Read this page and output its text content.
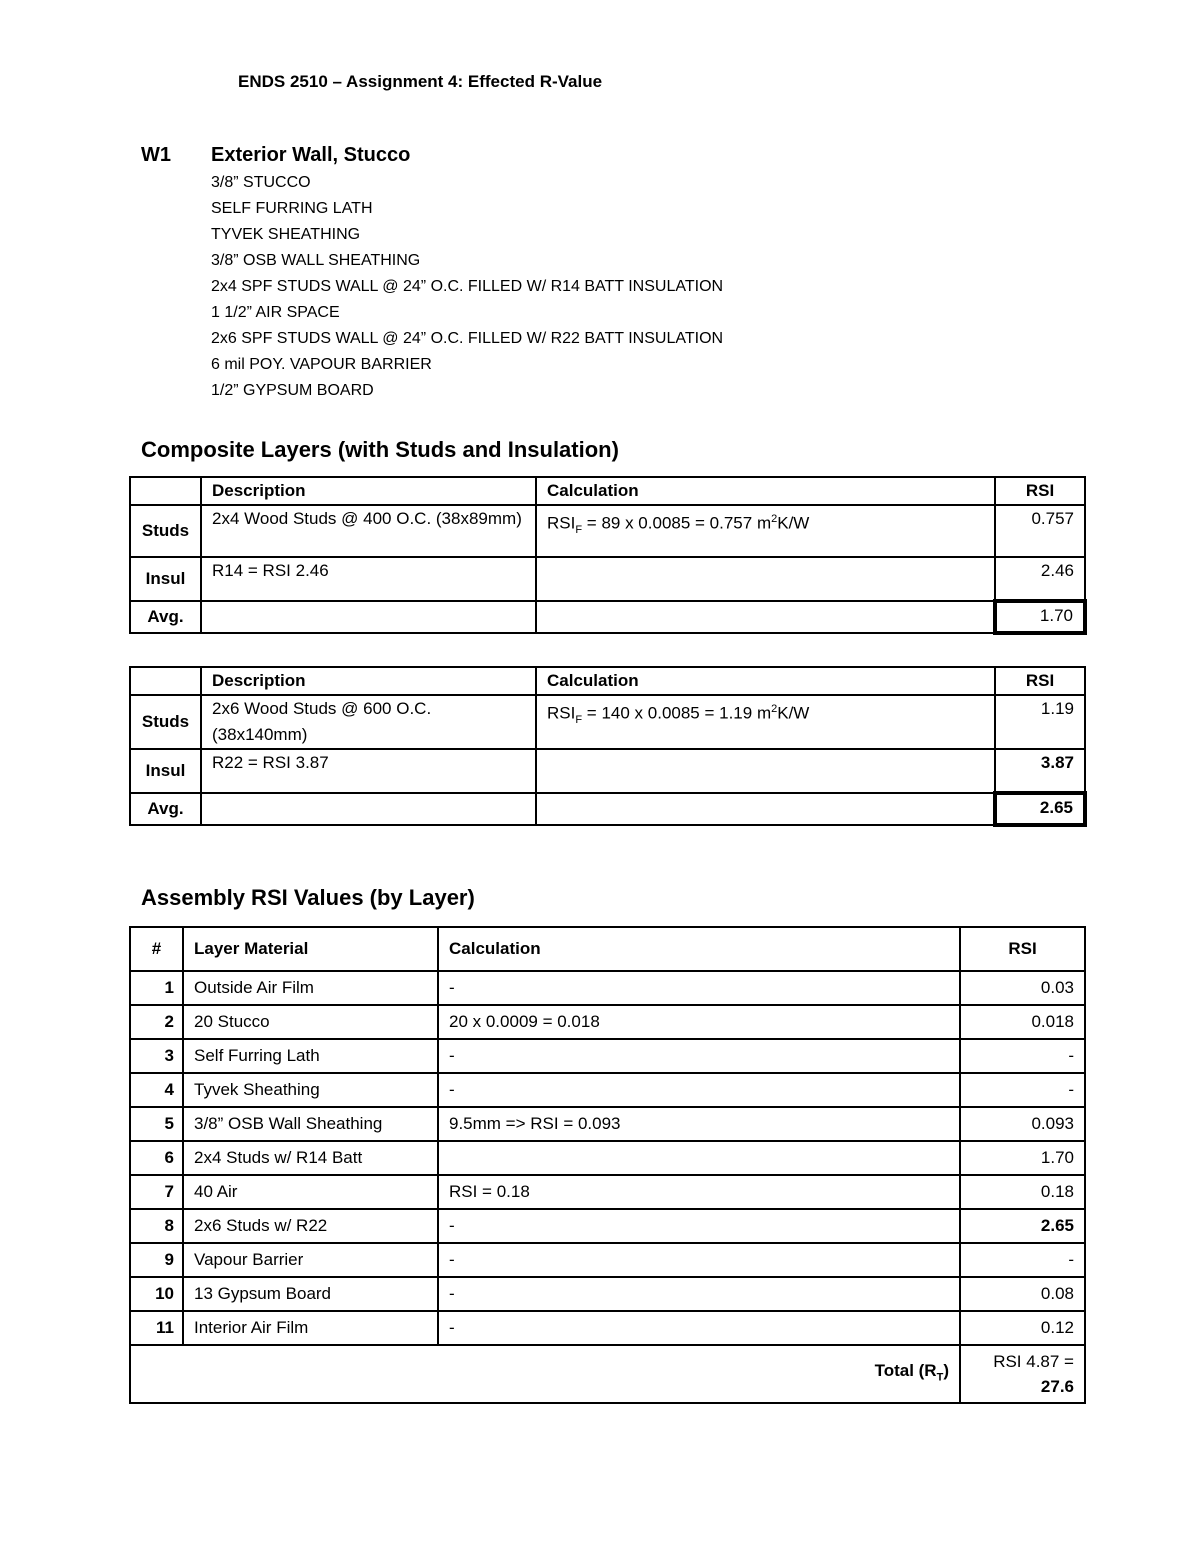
ENDS 2510 – Assignment 4: Effected R-Value
W1 Exterior Wall, Stucco
3/8” STUCCO
SELF FURRING LATH
TYVEK SHEATHING
3/8” OSB WALL SHEATHING
2x4 SPF STUDS WALL @ 24” O.C. FILLED W/ R14 BATT INSULATION
1 1/2” AIR SPACE
2x6 SPF STUDS WALL @ 24” O.C. FILLED W/ R22 BATT INSULATION
6 mil POY. VAPOUR BARRIER
1/2” GYPSUM BOARD
Composite Layers (with Studs and Insulation)
	Description	Calculation	RSI
Studs	2x4 Wood Studs @ 400 O.C. (38x89mm)	$RSI_F = 89$ x 0.0085 = 0.757 $m^2K/W$	0.757
Insul	R14 = RSI 2.46		2.46
Avg.			1.70
	Description	Calculation	RSI
Studs	2x6 Wood Studs @ 600 O.C. (38x140mm)	$RSI_F = 140$ x 0.0085 = 1.19 $m^2K/W$	1.19
Insul	R22 = RSI 3.87		3.87
Avg.			2.65
Assembly RSI Values (by Layer)
#	Layer Material	Calculation	RSI
1	Outside Air Film	-	0.03
2	20 Stucco	20 x 0.0009 = 0.018	0.018
3	Self Furring Lath	-	-
4	Tyvek Sheathing	-	-
5	3/8” OSB Wall Sheathing	9.5mm => RSI = 0.093	0.093
6	2x4 Studs w/ R14 Batt		1.70
7	40 Air	RSI = 0.18	0.18
8	2x6 Studs w/ R22	-	2.65
9	Vapour Barrier	-	-
10	13 Gypsum Board	-	0.08
11	Interior Air Film	-	0.12
Total $(R_T)$			RSI 4.87 =
27.6
